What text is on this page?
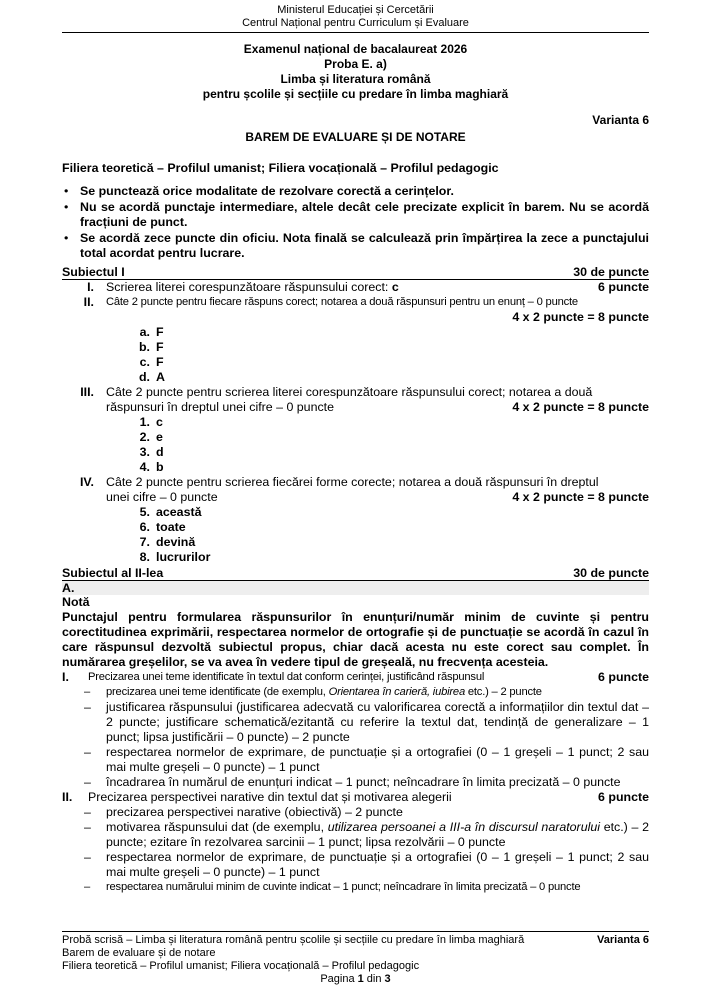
Ministerul Educației și Cercetării
Centrul Național pentru Curriculum și Evaluare
Examenul național de bacalaureat 2026
Proba E. a)
Limba și literatura română
pentru școlile și secțiile cu predare în limba maghiară
Varianta 6
BAREM DE EVALUARE ȘI DE NOTARE
Filiera teoretică – Profilul umanist; Filiera vocațională – Profilul pedagogic
• Se punctează orice modalitate de rezolvare corectă a cerințelor.
• Nu se acordă punctaje intermediare, altele decât cele precizate explicit în barem. Nu se acordă fracțiuni de punct.
• Se acordă zece puncte din oficiu. Nota finală se calculează prin împărțirea la zece a punctajului total acordat pentru lucrare.
Subiectul I	30 de puncte
I. Scrierea literei corespunzătoare răspunsului corect: c	6 puncte
II.	Câte 2 puncte pentru fiecare răspuns corect; notarea a două răspunsuri pentru un enunț – 0 puncte
4 x 2 puncte = 8 puncte
a. F
b. F
c. F
d. A
III. Câte 2 puncte pentru scrierea literei corespunzătoare răspunsului corect; notarea a două
răspunsuri în dreptul unei cifre – 0 puncte	4 x 2 puncte = 8 puncte
1. c
2. e
3. d
4. b
IV. Câte 2 puncte pentru scrierea fiecărei forme corecte; notarea a două răspunsuri în dreptul
unei cifre – 0 puncte	4 x 2 puncte = 8 puncte
5. aceastǎ
6. toate
7. devină
8. lucrurilor
Subiectul al II-lea	30 de puncte
A.
Notă
Punctajul pentru formularea răspunsurilor în enunțuri/număr minim de cuvinte și pentru corectitudinea exprimării, respectarea normelor de ortografie și de punctuație se acordă în cazul în care răspunsul dezvoltă subiectul propus, chiar dacă acesta nu este corect sau complet. În numărarea greșelilor, se va avea în vedere tipul de greșeală, nu frecvența acesteia.
I.	Precizarea unei teme identificate în textul dat conform cerinței, justificând răspunsul	6 puncte
–	precizarea unei teme identificate (de exemplu, Orientarea în carieră, iubirea etc.) – 2 puncte
–	justificarea răspunsului (justificarea adecvată cu valorificarea corectă a informațiilor din textul dat – 2 puncte; justificare schematică/ezitantă cu referire la textul dat, tendință de generalizare – 1 punct; lipsa justificării – 0 puncte) – 2 puncte
–	respectarea normelor de exprimare, de punctuație și a ortografiei (0 – 1 greșeli – 1 punct; 2 sau mai multe greșeli – 0 puncte) – 1 punct
–	încadrarea în numărul de enunțuri indicat – 1 punct; neîncadrare în limita precizată – 0 puncte
II.	Precizarea perspectivei narative din textul dat și motivarea alegerii	6 puncte
–	precizarea perspectivei narative (obiectivă) – 2 puncte
–	motivarea răspunsului dat (de exemplu, utilizarea persoanei a III-a în discursul naratorului etc.) – 2 puncte; ezitare în rezolvarea sarcinii – 1 punct; lipsa rezolvării – 0 puncte
–	respectarea normelor de exprimare, de punctuație și a ortografiei (0 – 1 greșeli – 1 punct; 2 sau mai multe greșeli – 0 puncte) – 1 punct
–	respectarea numărului minim de cuvinte indicat – 1 punct; neîncadrare în limita precizată – 0 puncte
Probă scrisă – Limba și literatura română pentru școlile și secțiile cu predare în limba maghiară	Varianta 6
Barem de evaluare și de notare
Filiera teoretică – Profilul umanist; Filiera vocațională – Profilul pedagogic
Pagina 1 din 3
